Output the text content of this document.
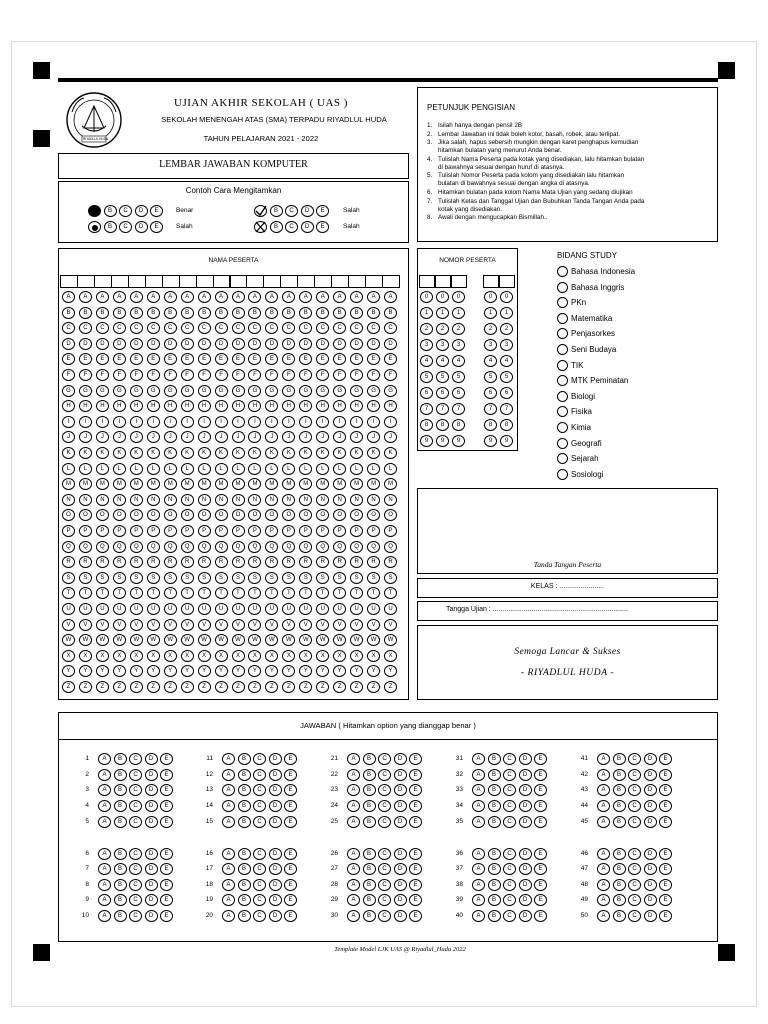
RIYADLUL HUDA
UJIAN AKHIR SEKOLAH ( UAS )
SEKOLAH MENENGAH ATAS (SMA) TERPADU RIYADLUL HUDA
TAHUN PELAJARAN 2021 - 2022
PETUNJUK PENGISIAN
LEMBAR JAWABAN KOMPUTER
Contoh Cara Mengitamkan
NAMA PESERTA	NOMOR PESERTA
BIDANG STUDY
Tanda Tangan Peserta
KELAS : .......................
Tangga Ujian : ......................................................................
Semoga Lancar & Sukses
- RIYADLUL HUDA -
JAWABAN ( Hitamkan option yang dianggap benar )
Template Model LJK UAS @ Riyadlul_Huda 2022
1. Isilah hanya dengan pensil 2B
2. Lembar Jawaban ini tidak boleh kotor, basah, robek, atau terlipat.
3. Jika salah, hapus sebersih mungkin dengan karet penghapus kemudian
hitamkan bulatan yang menurut Anda benar.
4. Tulislah Nama Peserta pada kotak yang disediakan, lalu hitamkan bulatan
di bawahnya sesuai dengan huruf di atasnya.
5. Tulislah Nomor Peserta pada kolom yang disediakan lalu hitamkan
bulatan di bawahnya sesuai dengan angka di atasnya.
6. Hitamkan bulatan pada kolom Nama Mata Ujian yang sedang diujikan
7. Tulislah Kelas dan Tanggal Ujian dan Bubuhkan Tanda Tangan Anda pada
kotak yang disediakan.
8. Awali dengan mengucapkan Bismillah..
B	C	D	E	Benar
B	C	D	E	Salah
B	C	D	E	Salah
B	C	D	E	Salah
A	A	A	A	A	A	A	A	A	A	A	A	A	A	A	A	A	A	A	A
B	B	B	B	B	B	B	B	B	B	B	B	B	B	B	B	B	B	B	B
C	C	C	C	C	C	C	C	C	C	C	C	C	C	C	C	C	C	C	C
D	D	D	D	D	D	D	D	D	D	D	D	D	D	D	D	D	D	D	D
E	E	E	E	E	E	E	E	E	E	E	E	E	E	E	E	E	E	E	E
F	F	F	F	F	F	F	F	F	F	F	F	F	F	F	F	F	F	F	F
G	G	G	G	G	G	G	G	G	G	G	G	G	G	G	G	G	G	G	G
H	H	H	H	H	H	H	H	H	H	H	H	H	H	H	H	H	H	H	H
I	I	I	I	I	I	I	I	I	I	I	I	I	I	I	I	I	I	I	I
J	J	J	J	J	J	J	J	J	J	J	J	J	J	J	J	J	J	J	J
K	K	K	K	K	K	K	K	K	K	K	K	K	K	K	K	K	K	K	K
L	L	L	L	L	L	L	L	L	L	L	L	L	L	L	L	L	L	L	L
M	M	M	M	M	M	M	M	M	M	M	M	M	M	M	M	M	M	M	M
N	N	N	N	N	N	N	N	N	N	N	N	N	N	N	N	N	N	N	N
O	O	O	O	O	O	O	O	O	O	O	O	O	O	O	O	O	O	O	O
P	P	P	P	P	P	P	P	P	P	P	P	P	P	P	P	P	P	P	P
Q	Q	Q	Q	Q	Q	Q	Q	Q	Q	Q	Q	Q	Q	Q	Q	Q	Q	Q	Q
R	R	R	R	R	R	R	R	R	R	R	R	R	R	R	R	R	R	R	R
S	S	S	S	S	S	S	S	S	S	S	S	S	S	S	S	S	S	S	S
T	T	T	T	T	T	T	T	T	T	T	T	T	T	T	T	T	T	T	T
U	U	U	U	U	U	U	U	U	U	U	U	U	U	U	U	U	U	U	U
V	V	V	V	V	V	V	V	V	V	V	V	V	V	V	V	V	V	V	V
W	W	W	W	W	W	W	W	W	W	W	W	W	W	W	W	W	W	W	W
X	X	X	X	X	X	X	X	X	X	X	X	X	X	X	X	X	X	X	X
Y	Y	Y	Y	Y	Y	Y	Y	Y	Y	Y	Y	Y	Y	Y	Y	Y	Y	Y	Y
Z	Z	Z	Z	Z	Z	Z	Z	Z	Z	Z	Z	Z	Z	Z	Z	Z	Z	Z	Z
0	0	0	0	0
1	1	1	1	1
2	2	2	2	2
3	3	3	3	3
4	4	4	4	4
5	5	5	5	5
6	6	6	6	6
7	7	7	7	7
8	8	8	8	8
9	9	9	9	9
Bahasa Indonesia
Bahasa Inggris
PKn
Matematika
Penjasorkes
Seni Budaya
TIK
MTK Peminatan
Biologi
Fisika
Kimia
Geografi
Sejarah
Sosiologi
1	A	B	C	D	E
2	A	B	C	D	E
3	A	B	C	D	E
4	A	B	C	D	E
5	A	B	C	D	E
6	A	B	C	D	E
7	A	B	C	D	E
8	A	B	C	D	E
9	A	B	C	D	E
10	A	B	C	D	E
11	A	B	C	D	E
12	A	B	C	D	E
13	A	B	C	D	E
14	A	B	C	D	E
15	A	B	C	D	E
16	A	B	C	D	E
17	A	B	C	D	E
18	A	B	C	D	E
19	A	B	C	D	E
20	A	B	C	D	E
21	A	B	C	D	E
22	A	B	C	D	E
23	A	B	C	D	E
24	A	B	C	D	E
25	A	B	C	D	E
26	A	B	C	D	E
27	A	B	C	D	E
28	A	B	C	D	E
29	A	B	C	D	E
30	A	B	C	D	E
31	A	B	C	D	E
32	A	B	C	D	E
33	A	B	C	D	E
34	A	B	C	D	E
35	A	B	C	D	E
36	A	B	C	D	E
37	A	B	C	D	E
38	A	B	C	D	E
39	A	B	C	D	E
40	A	B	C	D	E
41	A	B	C	D	E
42	A	B	C	D	E
43	A	B	C	D	E
44	A	B	C	D	E
45	A	B	C	D	E
46	A	B	C	D	E
47	A	B	C	D	E
48	A	B	C	D	E
49	A	B	C	D	E
50	A	B	C	D	E
